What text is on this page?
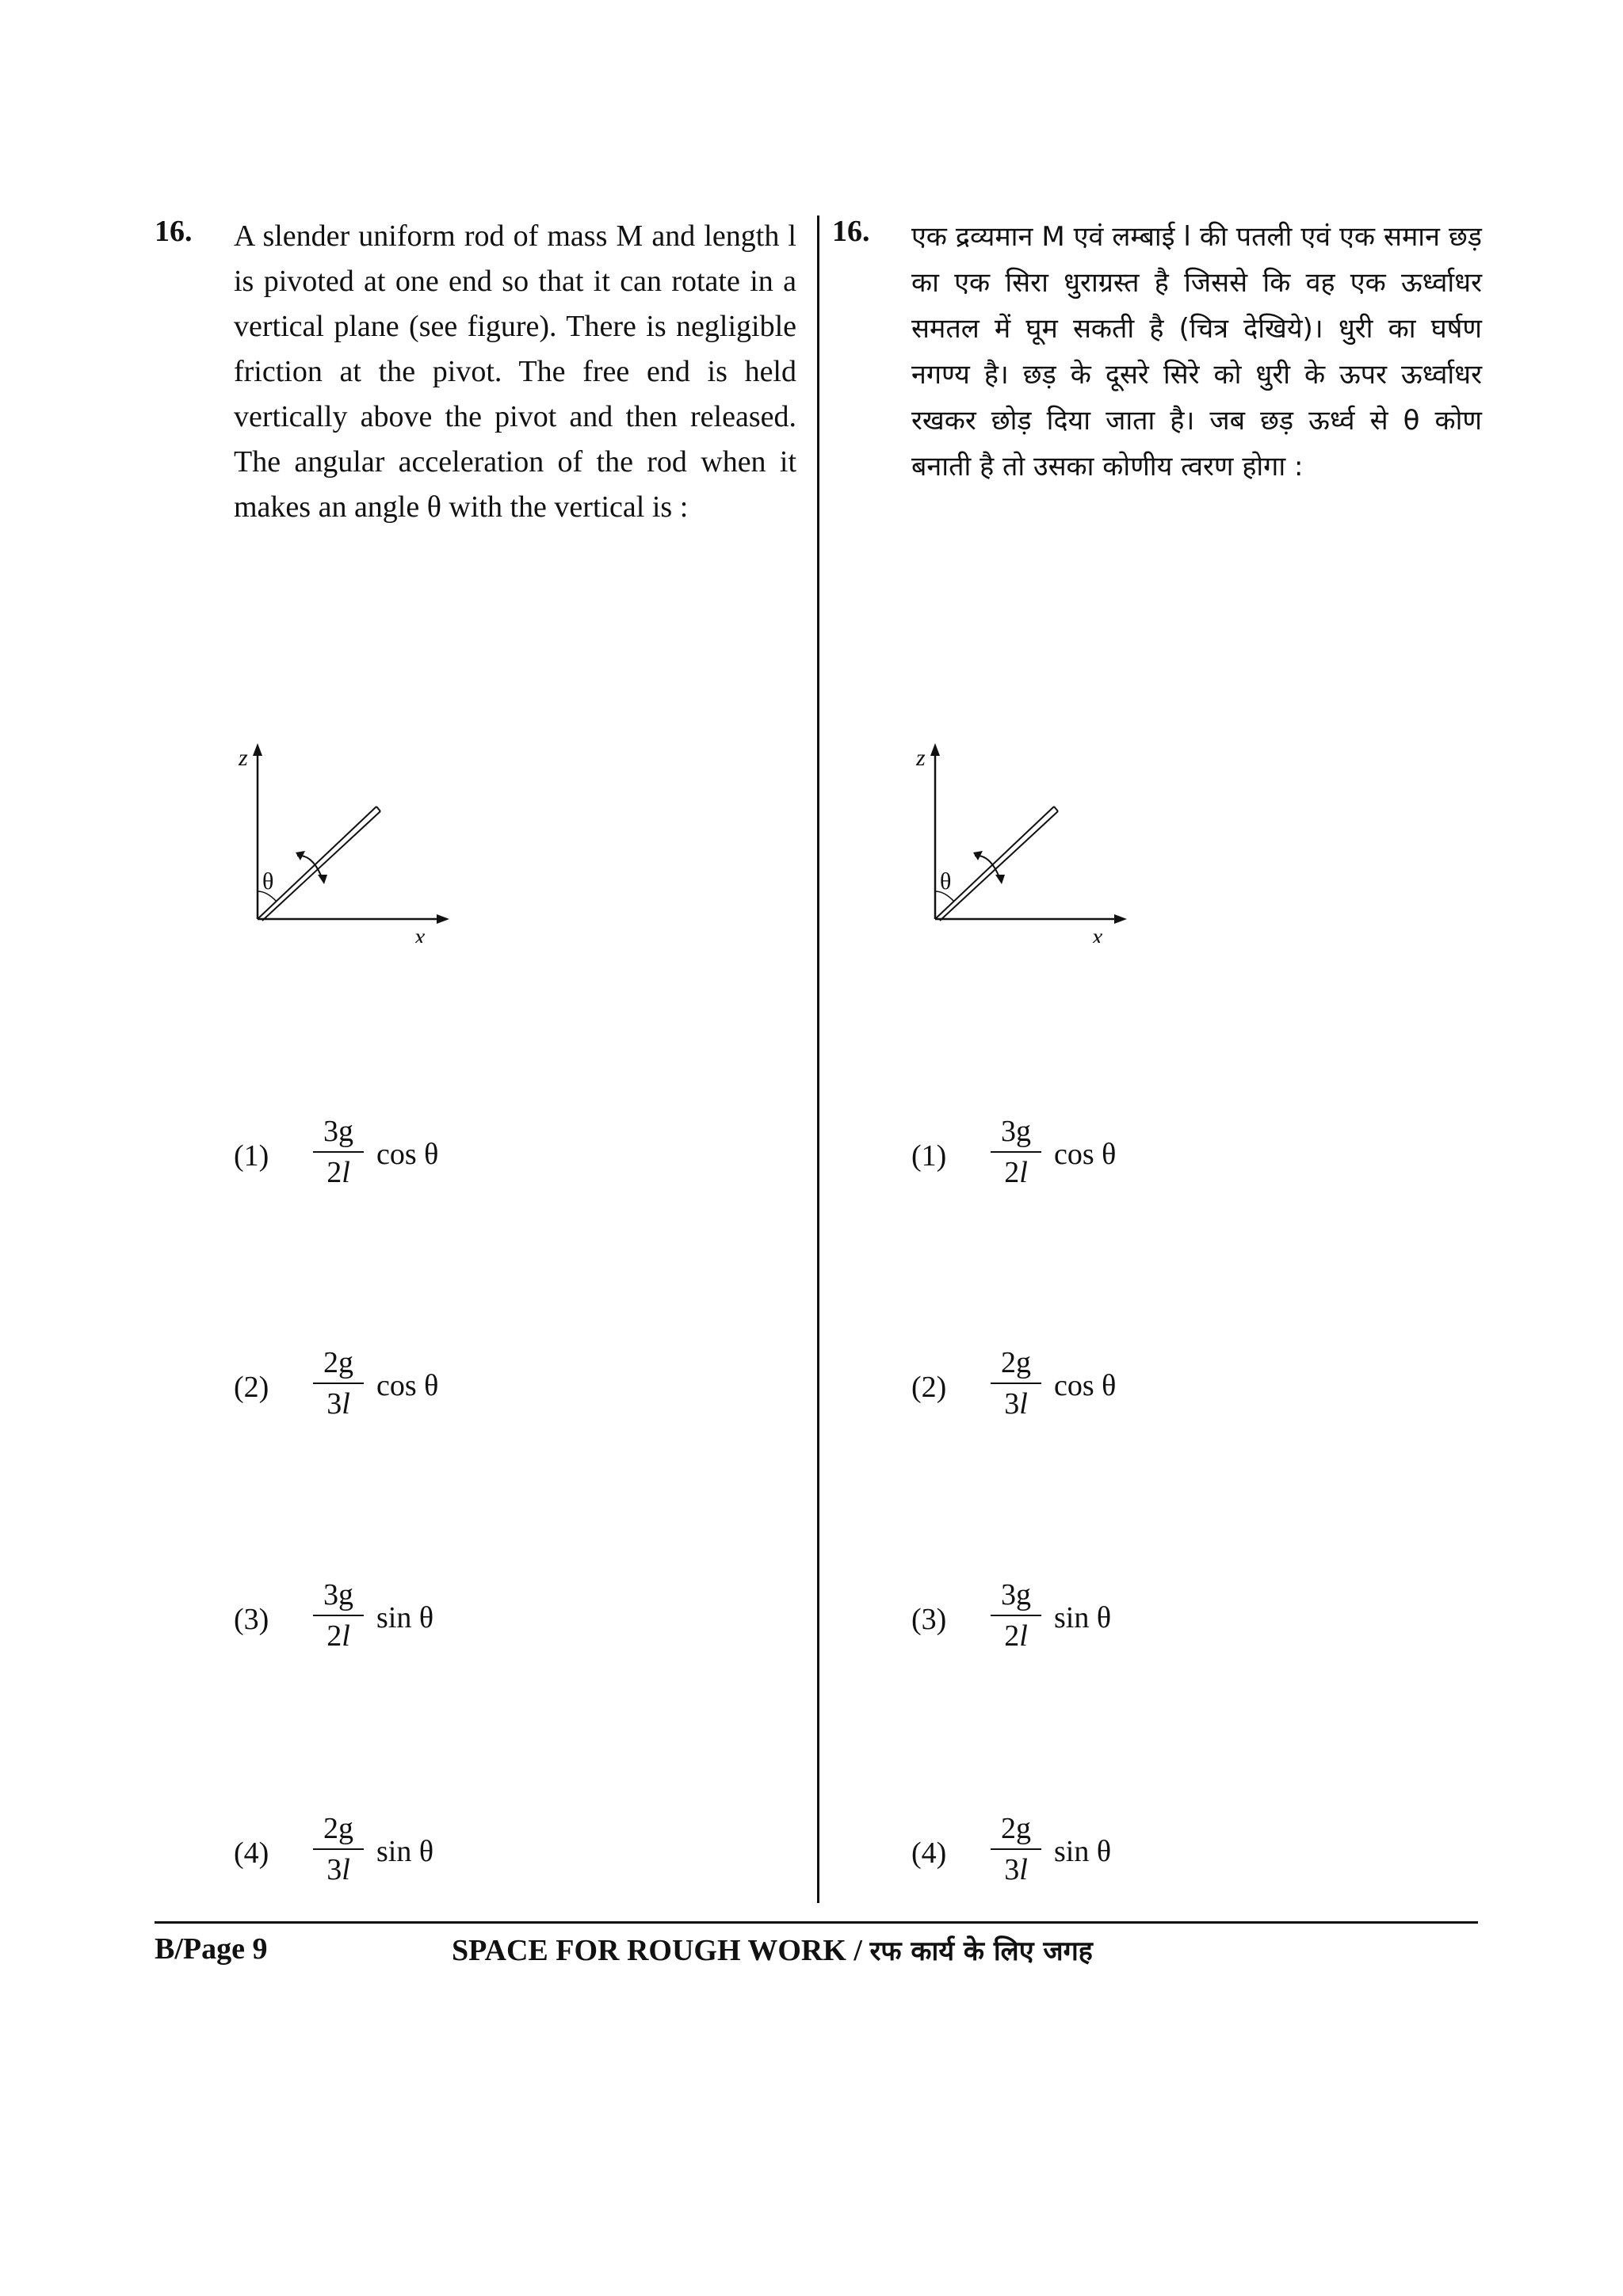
16. A slender uniform rod of mass M and length l is pivoted at one end so that it can rotate in a vertical plane (see figure). There is negligible friction at the pivot. The free end is held vertically above the pivot and then released. The angular acceleration of the rod when it makes an angle θ with the vertical is :
z
x
θ
$(1) \frac{3g}{2l}$ cos θ
$(2) \frac{2g}{3l}$ cos θ
$(3) \frac{3g}{2l}$ sin θ
$(4) \frac{2g}{3l}$ sin θ
16. एक द्रव्यमान M एवं लम्बाई l की पतली एवं एक समान छड़ का एक सिरा धुराग्रस्त है जिससे कि वह एक ऊर्ध्वाधर समतल में घूम सकती है (चित्र देखिये)। धुरी का घर्षण नगण्य है। छड़ के दूसरे सिरे को धुरी के ऊपर ऊर्ध्वाधर रखकर छोड़ दिया जाता है। जब छड़ ऊर्ध्व से θ कोण बनाती है तो उसका कोणीय त्वरण होगा :
z
x
θ
$(1) \frac{3g}{2l}$ cos θ
$(2) \frac{2g}{3l}$ cos θ
$(3) \frac{3g}{2l}$ sin θ
$(4) \frac{2g}{3l}$ sin θ
B/Page 9	SPACE FOR ROUGH WORK / रफ कार्य के लिए जगह
